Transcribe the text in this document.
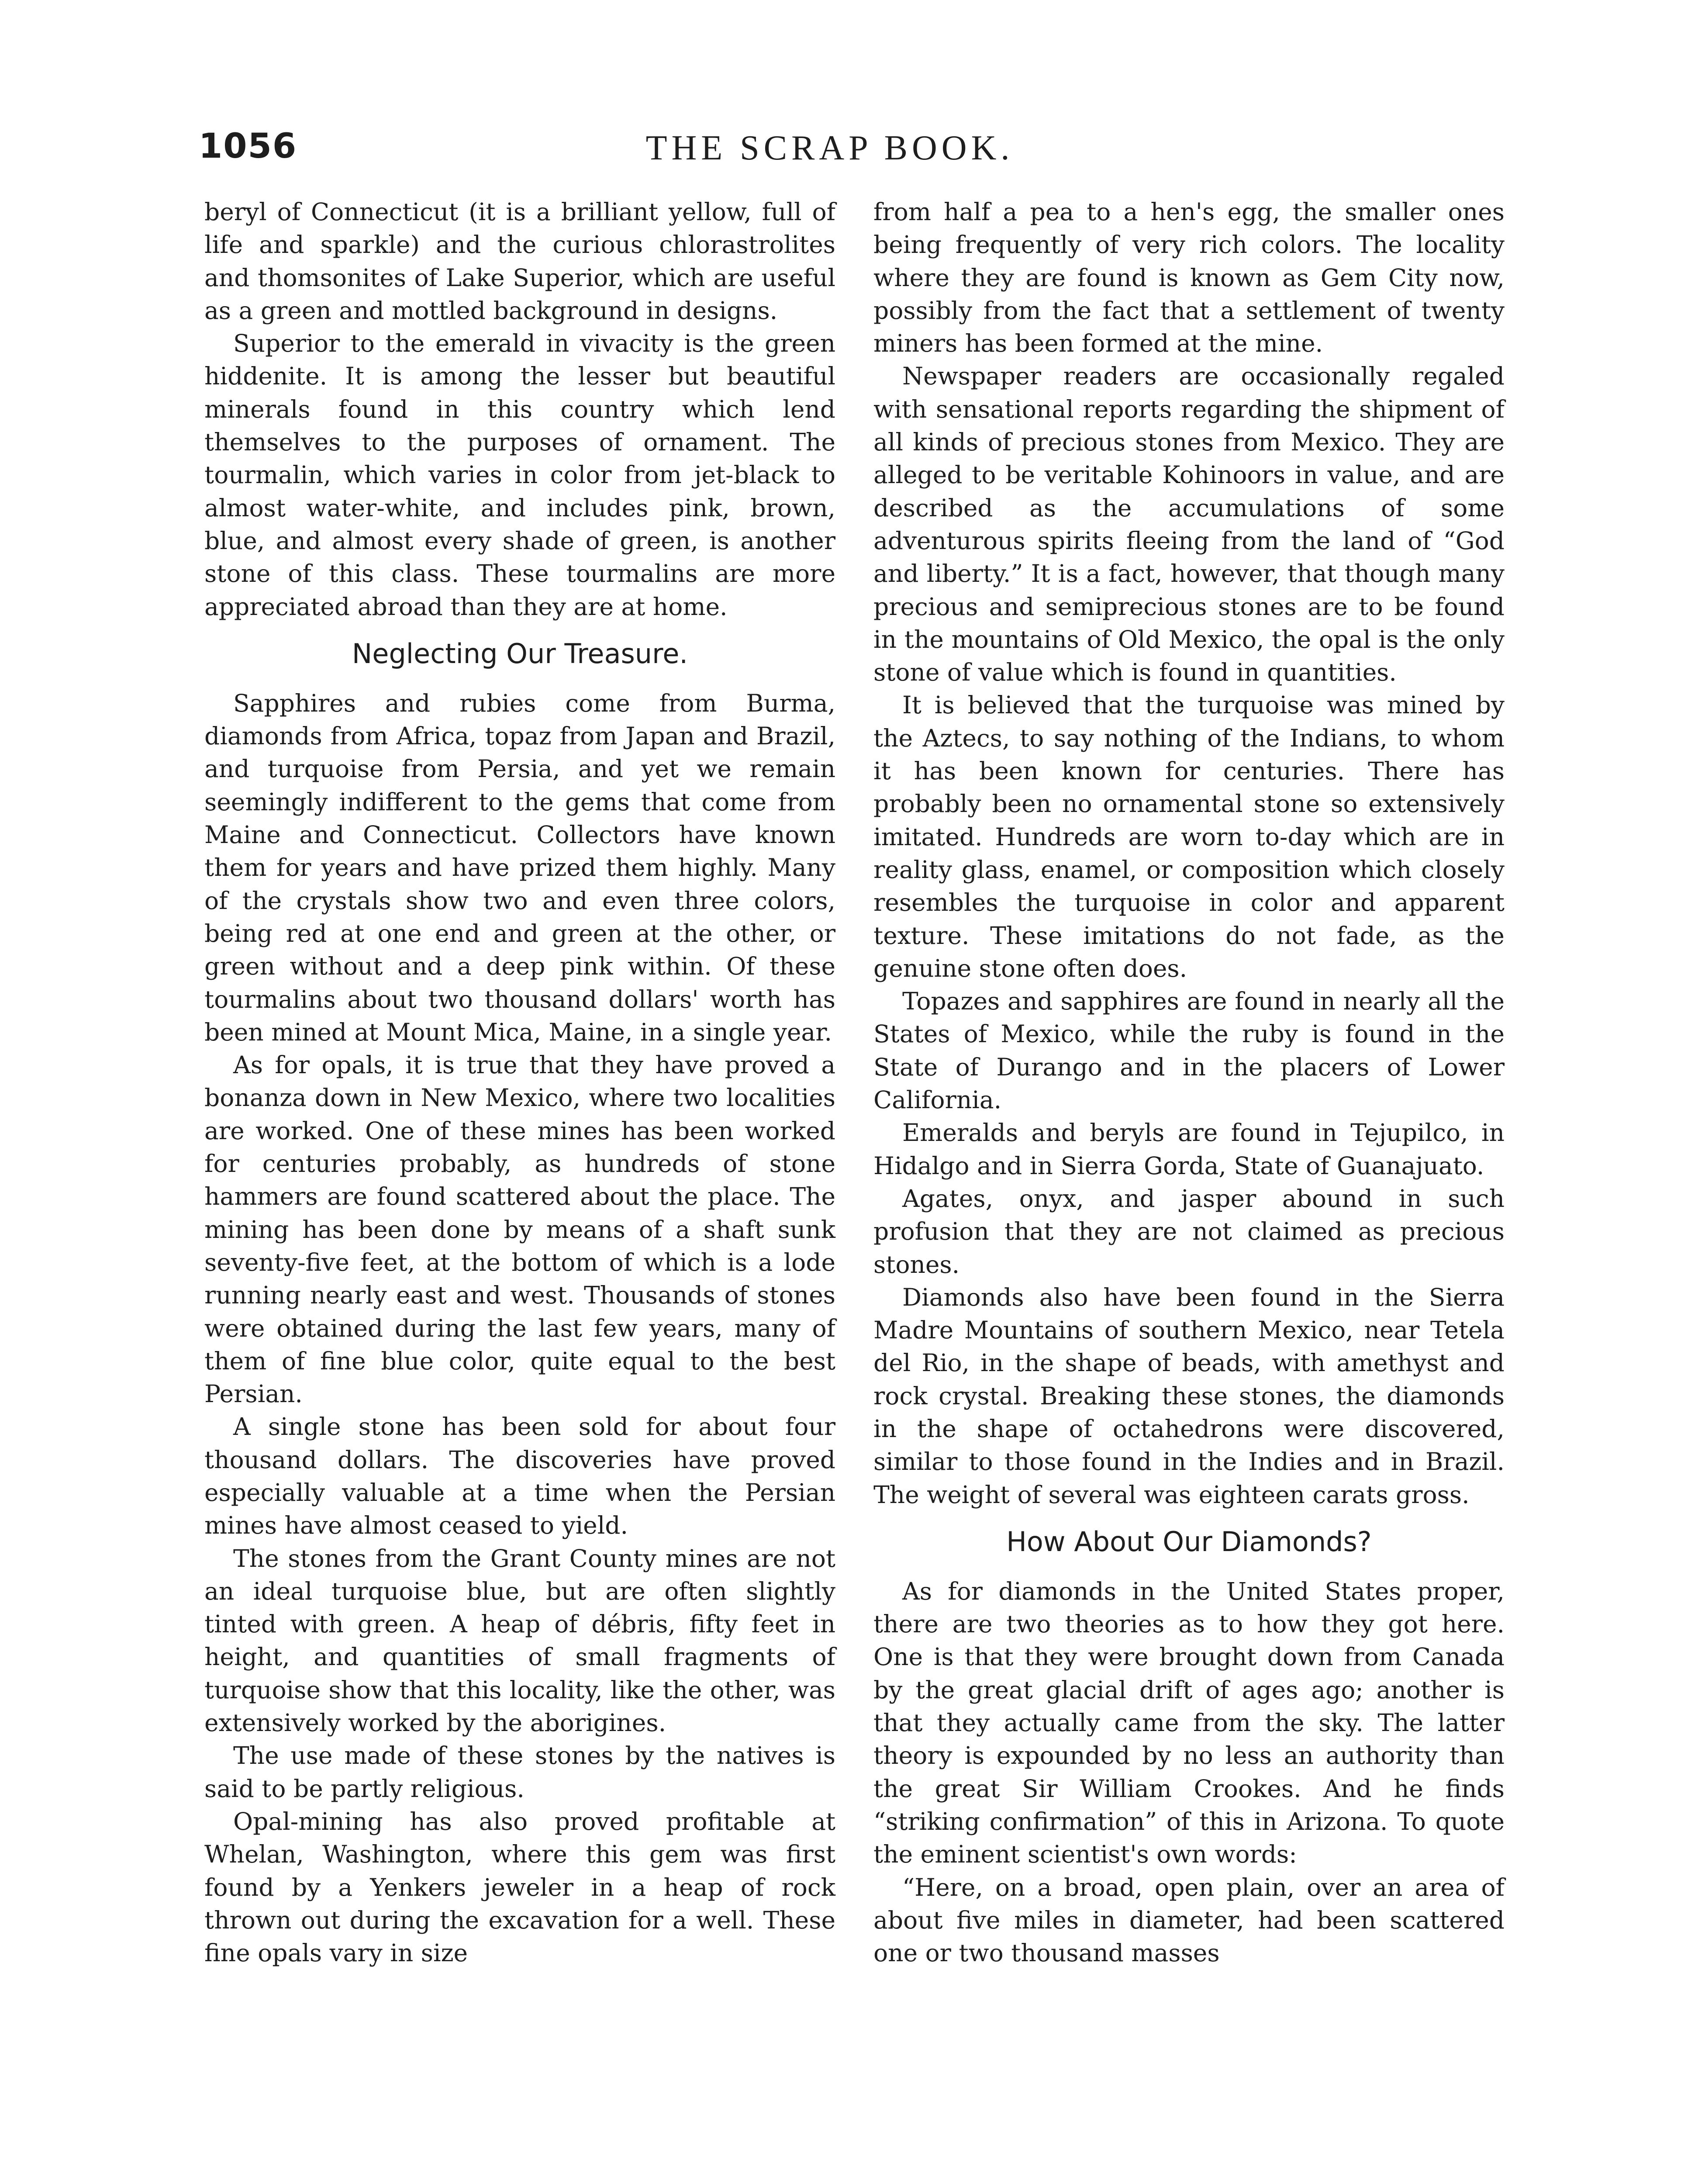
1056	THE SCRAP BOOK.

beryl of Connecticut (it is a brilliant yellow, full of life and sparkle) and the curious chlorastrolites and thomsonites of Lake Superior, which are useful as a green and mottled background in designs.

Superior to the emerald in vivacity is the green hiddenite. It is among the lesser but beautiful minerals found in this country which lend themselves to the purposes of ornament. The tourmalin, which varies in color from jet-black to almost water-white, and includes pink, brown, blue, and almost every shade of green, is another stone of this class. These tourmalins are more appreciated abroad than they are at home.

Neglecting Our Treasure.

Sapphires and rubies come from Burma, diamonds from Africa, topaz from Japan and Brazil, and turquoise from Persia, and yet we remain seemingly indifferent to the gems that come from Maine and Connecticut. Collectors have known them for years and have prized them highly. Many of the crystals show two and even three colors, being red at one end and green at the other, or green without and a deep pink within. Of these tourmalins about two thousand dollars' worth has been mined at Mount Mica, Maine, in a single year.

As for opals, it is true that they have proved a bonanza down in New Mexico, where two localities are worked. One of these mines has been worked for centuries probably, as hundreds of stone hammers are found scattered about the place. The mining has been done by means of a shaft sunk seventy-five feet, at the bottom of which is a lode running nearly east and west. Thousands of stones were obtained during the last few years, many of them of fine blue color, quite equal to the best Persian.

A single stone has been sold for about four thousand dollars. The discoveries have proved especially valuable at a time when the Persian mines have almost ceased to yield.

The stones from the Grant County mines are not an ideal turquoise blue, but are often slightly tinted with green. A heap of débris, fifty feet in height, and quantities of small fragments of turquoise show that this locality, like the other, was extensively worked by the aborigines.

The use made of these stones by the natives is said to be partly religious.

Opal-mining has also proved profitable at Whelan, Washington, where this gem was first found by a Yenkers jeweler in a heap of rock thrown out during the excavation for a well. These fine opals vary in size

from half a pea to a hen's egg, the smaller ones being frequently of very rich colors. The locality where they are found is known as Gem City now, possibly from the fact that a settlement of twenty miners has been formed at the mine.

Newspaper readers are occasionally regaled with sensational reports regarding the shipment of all kinds of precious stones from Mexico. They are alleged to be veritable Kohinoors in value, and are described as the accumulations of some adventurous spirits fleeing from the land of “God and liberty.” It is a fact, however, that though many precious and semiprecious stones are to be found in the mountains of Old Mexico, the opal is the only stone of value which is found in quantities.

It is believed that the turquoise was mined by the Aztecs, to say nothing of the Indians, to whom it has been known for centuries. There has probably been no ornamental stone so extensively imitated. Hundreds are worn to-day which are in reality glass, enamel, or composition which closely resembles the turquoise in color and apparent texture. These imitations do not fade, as the genuine stone often does.

Topazes and sapphires are found in nearly all the States of Mexico, while the ruby is found in the State of Durango and in the placers of Lower California.

Emeralds and beryls are found in Tejupilco, in Hidalgo and in Sierra Gorda, State of Guanajuato.

Agates, onyx, and jasper abound in such profusion that they are not claimed as precious stones.

Diamonds also have been found in the Sierra Madre Mountains of southern Mexico, near Tetela del Rio, in the shape of beads, with amethyst and rock crystal. Breaking these stones, the diamonds in the shape of octahedrons were discovered, similar to those found in the Indies and in Brazil. The weight of several was eighteen carats gross.

How About Our Diamonds?

As for diamonds in the United States proper, there are two theories as to how they got here. One is that they were brought down from Canada by the great glacial drift of ages ago; another is that they actually came from the sky. The latter theory is expounded by no less an authority than the great Sir William Crookes. And he finds “striking confirmation” of this in Arizona. To quote the eminent scientist's own words:

“Here, on a broad, open plain, over an area of about five miles in diameter, had been scattered one or two thousand masses
